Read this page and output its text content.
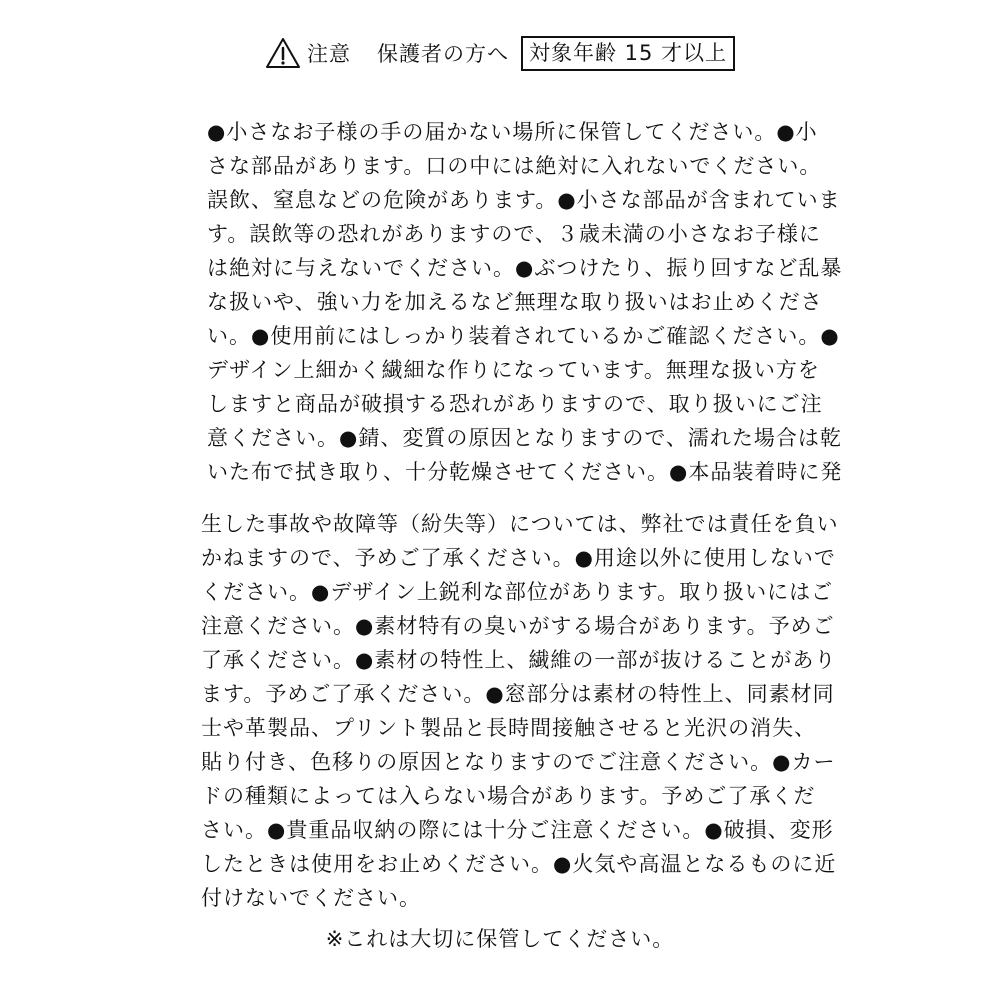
注意 保護者の方へ 対象年齢 15 才以上
●小さなお子様の手の届かない場所に保管してください。●小
さな部品があります。口の中には絶対に入れないでください。
誤飲、窒息などの危険があります。●小さな部品が含まれていま
す。誤飲等の恐れがありますので、３歳未満の小さなお子様に
は絶対に与えないでください。●ぶつけたり、振り回すなど乱暴
な扱いや、強い力を加えるなど無理な取り扱いはお止めくださ
い。●使用前にはしっかり装着されているかご確認ください。●
デザイン上細かく繊細な作りになっています。無理な扱い方を
しますと商品が破損する恐れがありますので、取り扱いにご注
意ください。●錆、変質の原因となりますので、濡れた場合は乾
いた布で拭き取り、十分乾燥させてください。●本品装着時に発
生した事故や故障等（紛失等）については、弊社では責任を負い
かねますので、予めご了承ください。●用途以外に使用しないで
ください。●デザイン上鋭利な部位があります。取り扱いにはご
注意ください。●素材特有の臭いがする場合があります。予めご
了承ください。●素材の特性上、繊維の一部が抜けることがあり
ます。予めご了承ください。●窓部分は素材の特性上、同素材同
士や革製品、プリント製品と長時間接触させると光沢の消失、
貼り付き、色移りの原因となりますのでご注意ください。●カー
ドの種類によっては入らない場合があります。予めご了承くだ
さい。●貴重品収納の際には十分ご注意ください。●破損、変形
したときは使用をお止めください。●火気や高温となるものに近
付けないでください。
※これは大切に保管してください。
